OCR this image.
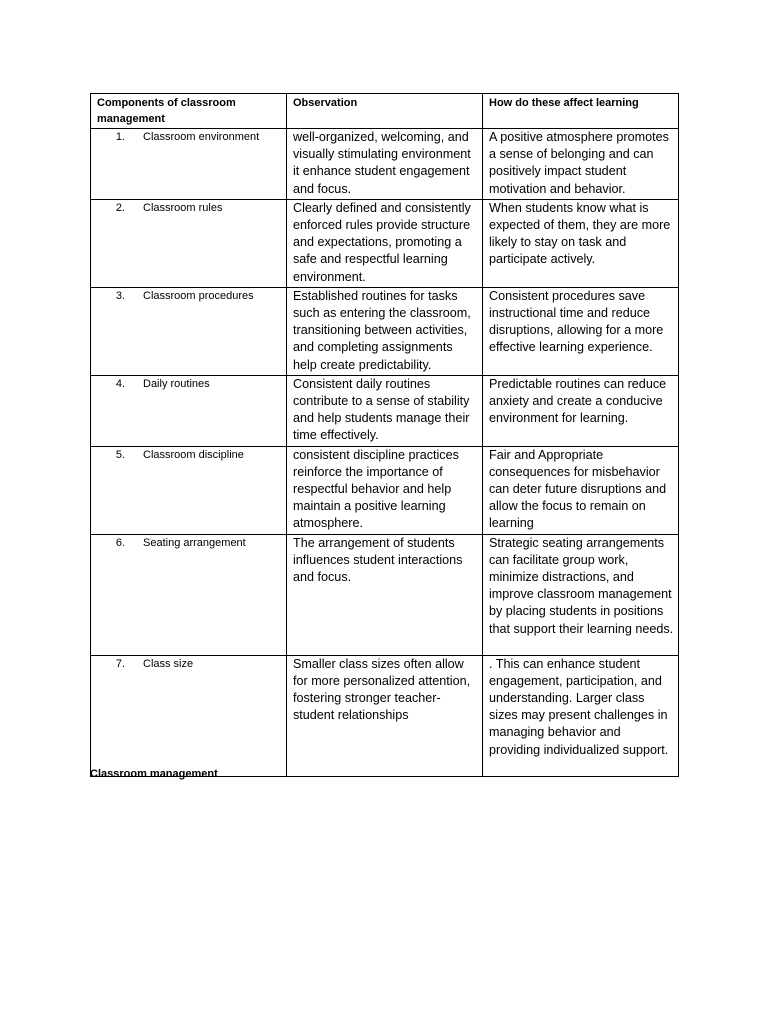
Components of classroom management	Observation	How do these affect learning
1. Classroom environment	well-organized, welcoming, and visually stimulating environment it enhance student engagement and focus.	A positive atmosphere promotes a sense of belonging and can positively impact student motivation and behavior.
2. Classroom rules	Clearly defined and consistently enforced rules provide structure and expectations, promoting a safe and respectful learning environment.	When students know what is expected of them, they are more likely to stay on task and participate actively.
3. Classroom procedures	Established routines for tasks such as entering the classroom, transitioning between activities, and completing assignments help create predictability.	Consistent procedures save instructional time and reduce disruptions, allowing for a more effective learning experience.
4. Daily routines	Consistent daily routines contribute to a sense of stability and help students manage their time effectively.	Predictable routines can reduce anxiety and create a conducive environment for learning.
5. Classroom discipline	consistent discipline practices reinforce the importance of respectful behavior and help maintain a positive learning atmosphere.	Fair and Appropriate consequences for misbehavior can deter future disruptions and allow the focus to remain on learning
6. Seating arrangement	The arrangement of students influences student interactions and focus.	Strategic seating arrangements can facilitate group work, minimize distractions, and improve classroom management by placing students in positions that support their learning needs.
7. Class size	Smaller class sizes often allow for more personalized attention, fostering stronger teacher-student relationships	. This can enhance student engagement, participation, and understanding. Larger class sizes may present challenges in managing behavior and providing individualized support.
Classroom management
